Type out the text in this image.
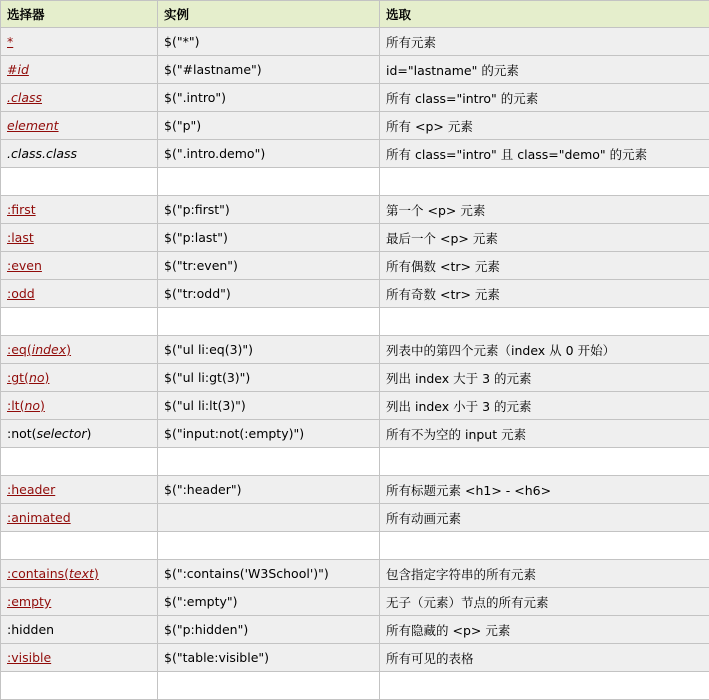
选择器	实例	选取
*	$("*")	所有元素
#id	$("#lastname")	id="lastname" 的元素
.class	$(".intro")	所有 class="intro" 的元素
element	$("p")	所有 <p> 元素
.class.class	$(".intro.demo")	所有 class="intro" 且 class="demo" 的元素

:first	$("p:first")	第一个 <p> 元素
:last	$("p:last")	最后一个 <p> 元素
:even	$("tr:even")	所有偶数 <tr> 元素
:odd	$("tr:odd")	所有奇数 <tr> 元素

:eq(index)	$("ul li:eq(3)")	列表中的第四个元素（index 从 0 开始）
:gt(no)	$("ul li:gt(3)")	列出 index 大于 3 的元素
:lt(no)	$("ul li:lt(3)")	列出 index 小于 3 的元素
:not(selector)	$("input:not(:empty)")	所有不为空的 input 元素

:header	$(":header")	所有标题元素 <h1> - <h6>
:animated		所有动画元素

:contains(text)	$(":contains('W3School')")	包含指定字符串的所有元素
:empty	$(":empty")	无子（元素）节点的所有元素
:hidden	$("p:hidden")	所有隐藏的 <p> 元素
:visible	$("table:visible")	所有可见的表格
